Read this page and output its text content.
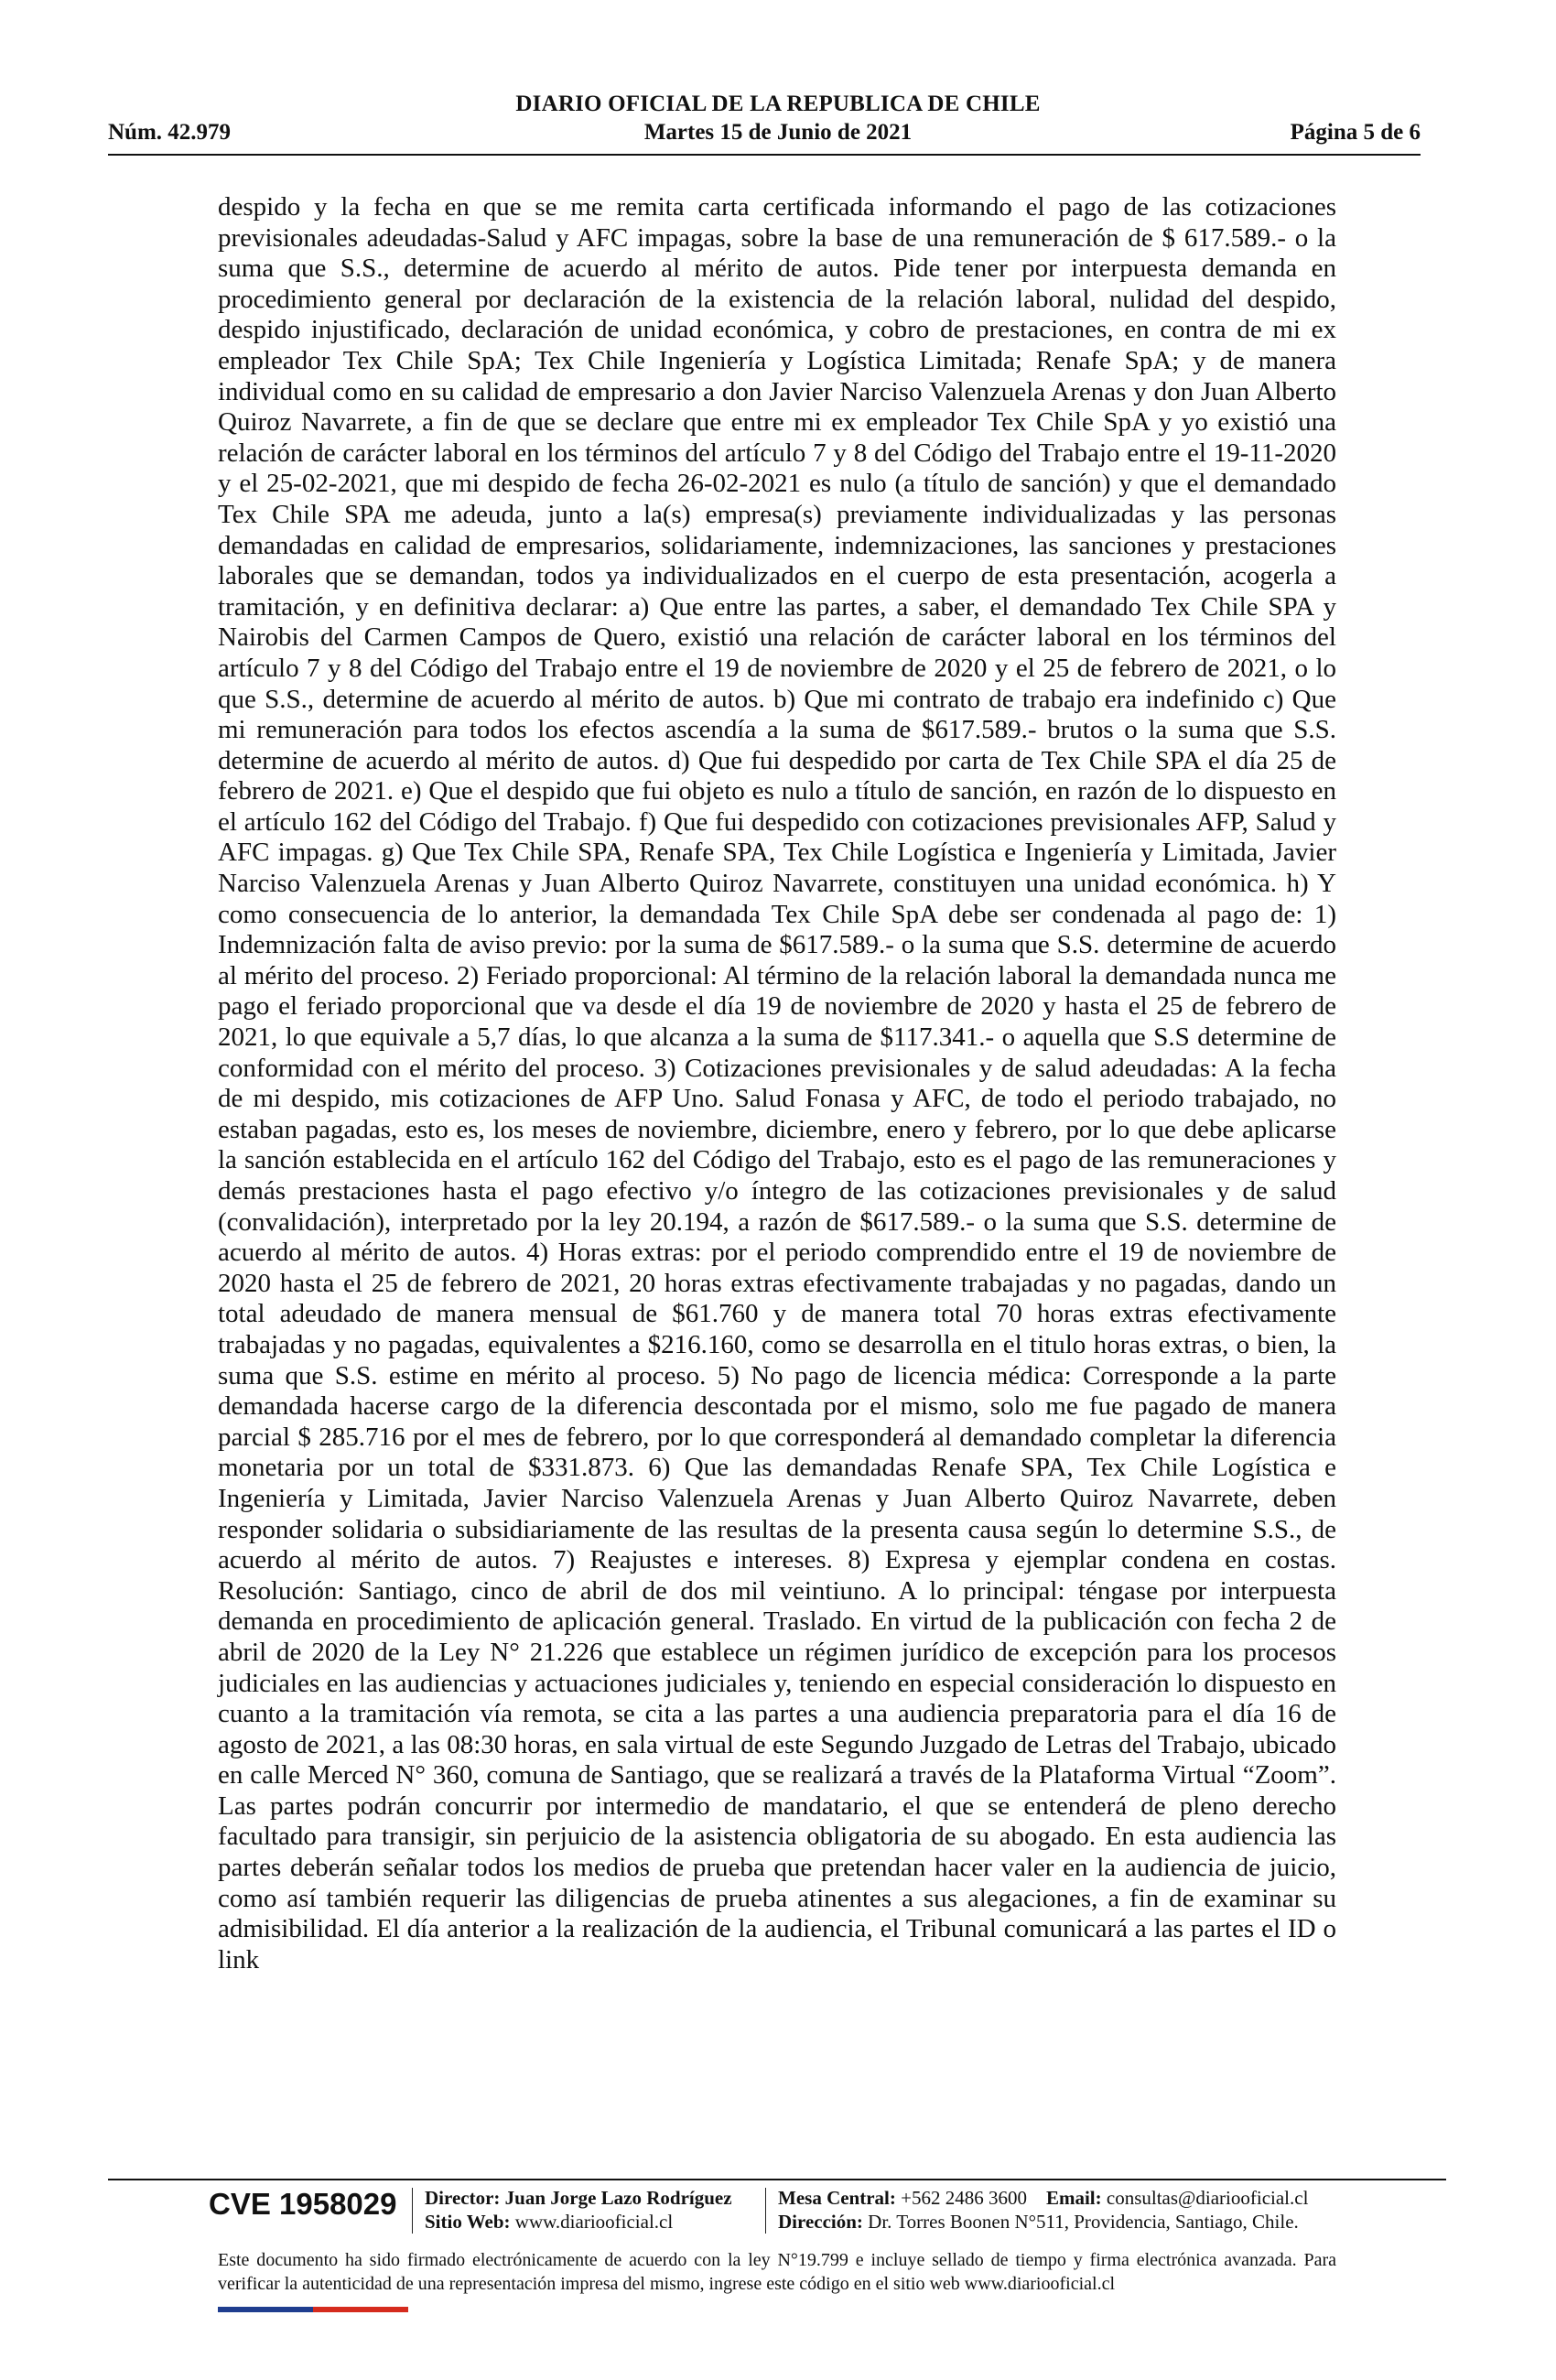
DIARIO OFICIAL DE LA REPUBLICA DE CHILE
Núm. 42.979	Martes 15 de Junio de 2021	Página 5 de 6

despido y la fecha en que se me remita carta certificada informando el pago de las cotizaciones previsionales adeudadas-Salud y AFC impagas, sobre la base de una remuneración de $ 617.589.- o la suma que S.S., determine de acuerdo al mérito de autos. Pide tener por interpuesta demanda en procedimiento general por declaración de la existencia de la relación laboral, nulidad del despido, despido injustificado, declaración de unidad económica, y cobro de prestaciones, en contra de mi ex empleador Tex Chile SpA; Tex Chile Ingeniería y Logística Limitada; Renafe SpA; y de manera individual como en su calidad de empresario a don Javier Narciso Valenzuela Arenas y don Juan Alberto Quiroz Navarrete, a fin de que se declare que entre mi ex empleador Tex Chile SpA y yo existió una relación de carácter laboral en los términos del artículo 7 y 8 del Código del Trabajo entre el 19-11-2020 y el 25-02-2021, que mi despido de fecha 26-02-2021 es nulo (a título de sanción) y que el demandado Tex Chile SPA me adeuda, junto a la(s) empresa(s) previamente individualizadas y las personas demandadas en calidad de empresarios, solidariamente, indemnizaciones, las sanciones y prestaciones laborales que se demandan, todos ya individualizados en el cuerpo de esta presentación, acogerla a tramitación, y en definitiva declarar: a) Que entre las partes, a saber, el demandado Tex Chile SPA y Nairobis del Carmen Campos de Quero, existió una relación de carácter laboral en los términos del artículo 7 y 8 del Código del Trabajo entre el 19 de noviembre de 2020 y el 25 de febrero de 2021, o lo que S.S., determine de acuerdo al mérito de autos. b) Que mi contrato de trabajo era indefinido c) Que mi remuneración para todos los efectos ascendía a la suma de $617.589.- brutos o la suma que S.S. determine de acuerdo al mérito de autos. d) Que fui despedido por carta de Tex Chile SPA el día 25 de febrero de 2021. e) Que el despido que fui objeto es nulo a título de sanción, en razón de lo dispuesto en el artículo 162 del Código del Trabajo. f) Que fui despedido con cotizaciones previsionales AFP, Salud y AFC impagas. g) Que Tex Chile SPA, Renafe SPA, Tex Chile Logística e Ingeniería y Limitada, Javier Narciso Valenzuela Arenas y Juan Alberto Quiroz Navarrete, constituyen una unidad económica. h) Y como consecuencia de lo anterior, la demandada Tex Chile SpA debe ser condenada al pago de: 1) Indemnización falta de aviso previo: por la suma de $617.589.- o la suma que S.S. determine de acuerdo al mérito del proceso. 2) Feriado proporcional: Al término de la relación laboral la demandada nunca me pago el feriado proporcional que va desde el día 19 de noviembre de 2020 y hasta el 25 de febrero de 2021, lo que equivale a 5,7 días, lo que alcanza a la suma de $117.341.- o aquella que S.S determine de conformidad con el mérito del proceso. 3) Cotizaciones previsionales y de salud adeudadas: A la fecha de mi despido, mis cotizaciones de AFP Uno. Salud Fonasa y AFC, de todo el periodo trabajado, no estaban pagadas, esto es, los meses de noviembre, diciembre, enero y febrero, por lo que debe aplicarse la sanción establecida en el artículo 162 del Código del Trabajo, esto es el pago de las remuneraciones y demás prestaciones hasta el pago efectivo y/o íntegro de las cotizaciones previsionales y de salud (convalidación), interpretado por la ley 20.194, a razón de $617.589.- o la suma que S.S. determine de acuerdo al mérito de autos. 4) Horas extras: por el periodo comprendido entre el 19 de noviembre de 2020 hasta el 25 de febrero de 2021, 20 horas extras efectivamente trabajadas y no pagadas, dando un total adeudado de manera mensual de $61.760 y de manera total 70 horas extras efectivamente trabajadas y no pagadas, equivalentes a $216.160, como se desarrolla en el titulo horas extras, o bien, la suma que S.S. estime en mérito al proceso. 5) No pago de licencia médica: Corresponde a la parte demandada hacerse cargo de la diferencia descontada por el mismo, solo me fue pagado de manera parcial $ 285.716 por el mes de febrero, por lo que corresponderá al demandado completar la diferencia monetaria por un total de $331.873. 6) Que las demandadas Renafe SPA, Tex Chile Logística e Ingeniería y Limitada, Javier Narciso Valenzuela Arenas y Juan Alberto Quiroz Navarrete, deben responder solidaria o subsidiariamente de las resultas de la presenta causa según lo determine S.S., de acuerdo al mérito de autos. 7) Reajustes e intereses. 8) Expresa y ejemplar condena en costas. Resolución: Santiago, cinco de abril de dos mil veintiuno. A lo principal: téngase por interpuesta demanda en procedimiento de aplicación general. Traslado. En virtud de la publicación con fecha 2 de abril de 2020 de la Ley N° 21.226 que establece un régimen jurídico de excepción para los procesos judiciales en las audiencias y actuaciones judiciales y, teniendo en especial consideración lo dispuesto en cuanto a la tramitación vía remota, se cita a las partes a una audiencia preparatoria para el día 16 de agosto de 2021, a las 08:30 horas, en sala virtual de este Segundo Juzgado de Letras del Trabajo, ubicado en calle Merced N° 360, comuna de Santiago, que se realizará a través de la Plataforma Virtual “Zoom”. Las partes podrán concurrir por intermedio de mandatario, el que se entenderá de pleno derecho facultado para transigir, sin perjuicio de la asistencia obligatoria de su abogado. En esta audiencia las partes deberán señalar todos los medios de prueba que pretendan hacer valer en la audiencia de juicio, como así también requerir las diligencias de prueba atinentes a sus alegaciones, a fin de examinar su admisibilidad. El día anterior a la realización de la audiencia, el Tribunal comunicará a las partes el ID o link

CVE 1958029 Director: Juan Jorge Lazo Rodríguez
Sitio Web: www.diariooficial.cl
Mesa Central: +562 2486 3600 Email: consultas@diariooficial.cl
Dirección: Dr. Torres Boonen N°511, Providencia, Santiago, Chile.

Este documento ha sido firmado electrónicamente de acuerdo con la ley N°19.799 e incluye sellado de tiempo y firma electrónica avanzada. Para verificar la autenticidad de una representación impresa del mismo, ingrese este código en el sitio web www.diariooficial.cl
